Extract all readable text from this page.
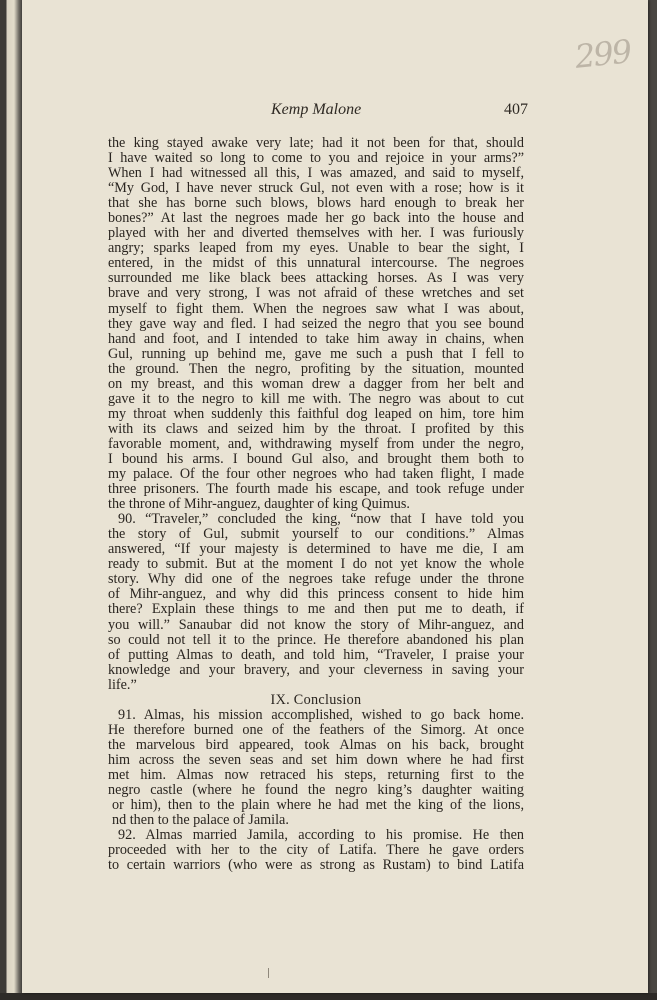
299
Kemp Malone	407
the king stayed awake very late; had it not been for that, should
I have waited so long to come to you and rejoice in your arms?”
When I had witnessed all this, I was amazed, and said to myself,
“My God, I have never struck Gul, not even with a rose; how is it
that she has borne such blows, blows hard enough to break her
bones?” At last the negroes made her go back into the house and
played with her and diverted themselves with her. I was furiously
angry; sparks leaped from my eyes. Unable to bear the sight, I
entered, in the midst of this unnatural intercourse. The negroes
surrounded me like black bees attacking horses. As I was very
brave and very strong, I was not afraid of these wretches and set
myself to fight them. When the negroes saw what I was about,
they gave way and fled. I had seized the negro that you see bound
hand and foot, and I intended to take him away in chains, when
Gul, running up behind me, gave me such a push that I fell to
the ground. Then the negro, profiting by the situation, mounted
on my breast, and this woman drew a dagger from her belt and
gave it to the negro to kill me with. The negro was about to cut
my throat when suddenly this faithful dog leaped on him, tore him
with its claws and seized him by the throat. I profited by this
favorable moment, and, withdrawing myself from under the negro,
I bound his arms. I bound Gul also, and brought them both to
my palace. Of the four other negroes who had taken flight, I made
three prisoners. The fourth made his escape, and took refuge under
the throne of Mihr-anguez, daughter of king Quimus.
90. “Traveler,” concluded the king, “now that I have told you
the story of Gul, submit yourself to our conditions.” Almas
answered, “If your majesty is determined to have me die, I am
ready to submit. But at the moment I do not yet know the whole
story. Why did one of the negroes take refuge under the throne
of Mihr-anguez, and why did this princess consent to hide him
there? Explain these things to me and then put me to death, if
you will.” Sanaubar did not know the story of Mihr-anguez, and
so could not tell it to the prince. He therefore abandoned his plan
of putting Almas to death, and told him, “Traveler, I praise your
knowledge and your bravery, and your cleverness in saving your
life.”
IX. Conclusion
91. Almas, his mission accomplished, wished to go back home.
He therefore burned one of the feathers of the Simorg. At once
the marvelous bird appeared, took Almas on his back, brought
him across the seven seas and set him down where he had first
met him. Almas now retraced his steps, returning first to the
negro castle (where he found the negro king’s daughter waiting
or him), then to the plain where he had met the king of the lions,
nd then to the palace of Jamila.
92. Almas married Jamila, according to his promise. He then
proceeded with her to the city of Latifa. There he gave orders
to certain warriors (who were as strong as Rustam) to bind Latifa
